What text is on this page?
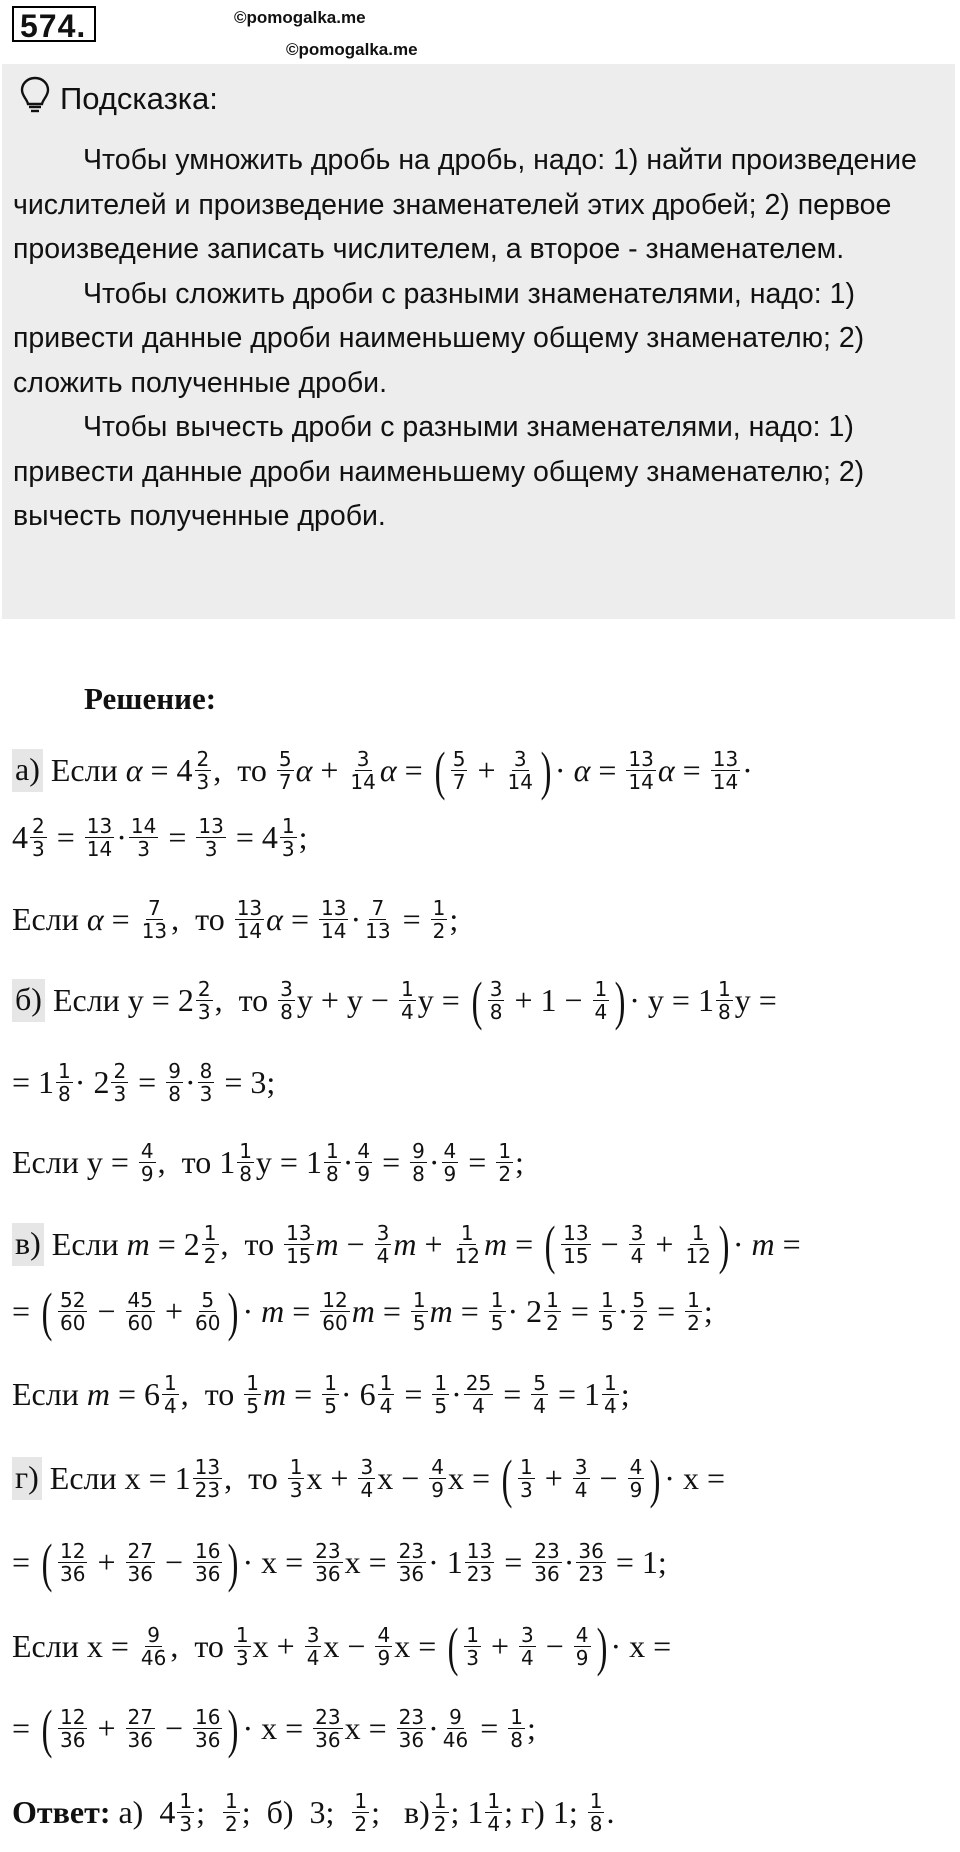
574.	©pomogalka.me
©pomogalka.me
Подсказка:

Чтобы умножить дробь на дробь, надо: 1) найти произведение числителей и произведение знаменателей этих дробей; 2) первое произведение записать числителем, а второе - знаменателем.

Чтобы сложить дроби с разными знаменателями, надо: 1) привести данные дроби наименьшему общему знаменателю; 2) сложить полученные дроби.

Чтобы вычесть дроби с разными знаменателями, надо: 1) привести данные дроби наименьшему общему знаменателю; 2) вычесть полученные дроби.

Решение:
а) Если
α = 4 2
3 , то
5
7 α + 3
14 α = ( 5
7 + 3
14 ) · α = 13
14 α = 13
14 ·
4 2
3 = 13
14 · 14
3 = 13
3 = 4 1
3 ;
Если
α = 7
13 , то
13
14 α = 13
14 · 7
13 = 1
2 ;
б) Если y = 2 2
3 , то
3
8 y + y − 1
4 y = ( 3
8 + 1 − 1
4 ) · y = 1 1
8 y =
= 1 1
8 · 2 2
3 = 9
8 · 8
3 = 3;
Если y = 4
9 , то 1 1
8 y = 1 1
8 · 4
9 = 9
8 · 4
9 = 1
2 ;
в) Если
m = 2 1
2 , то
13
15 m − 3
4 m + 1
12 m = ( 13
15 − 3
4 + 1
12 ) · m =
= ( 52
60 − 45
60 + 5
60 ) · m = 12
60 m = 1
5 m = 1
5 · 2 1
2 = 1
5 · 5
2 = 1
2 ;
Если
m = 6 1
4 , то
1
5 m = 1
5 · 6 1
4 = 1
5 · 25
4 = 5
4 = 1 1
4 ;
г) Если x = 1 13
23 , то
1
3 x + 3
4 x − 4
9 x = ( 1
3 + 3
4 − 4
9 ) · x =
= ( 12
36 + 27
36 − 16
36 ) · x = 23
36 x = 23
36 · 1 13
23 = 23
36 · 36
23 = 1;
Если x = 9
46 , то
1
3 x + 3
4 x − 4
9 x = ( 1
3 + 3
4 − 4
9 ) · x =
= ( 12
36 + 27
36 − 16
36 ) · x = 23
36 x = 23
36 · 9
46 = 1
8 ;
Ответ:
а) 4 1
3 ; 1
2 ; б) 3; 1
2 ; в) 1
2 ; 1 1
4 ; г) 1; 1
8 .
